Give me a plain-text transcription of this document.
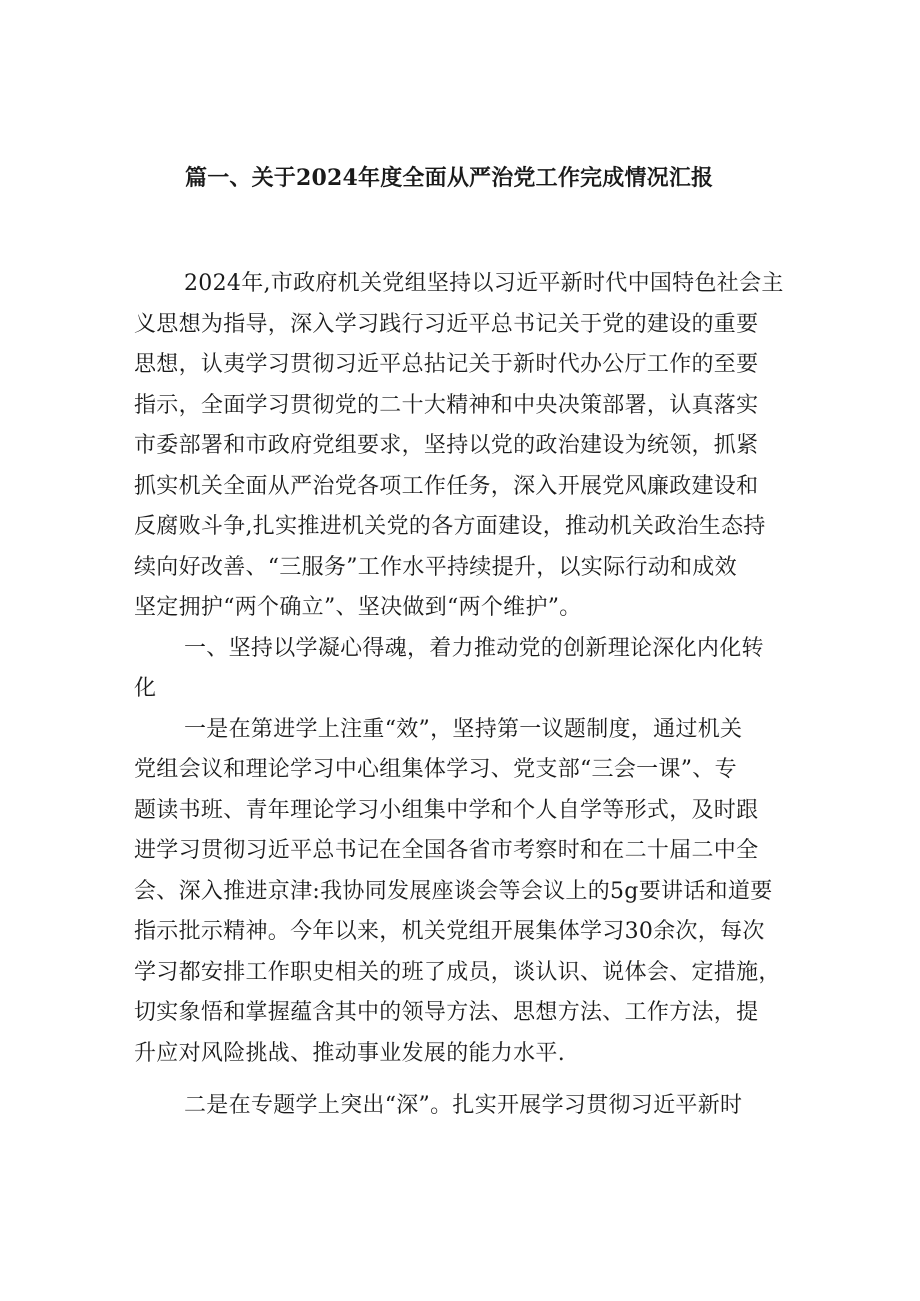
篇一、关于2024年度全面从严治党工作完成情况汇报
2024年,市政府机关党组坚持以习近平新时代中国特色社会主
义思想为指导，深入学习践行习近平总书记关于党的建设的重要
思想，认夷学习贯彻习近平总拈记关于新时代办公厅工作的至要
指示，全面学习贯彻党的二十大精神和中央决策部署，认真落实
市委部署和市政府党组要求，坚持以党的政治建设为统领，抓紧
抓实机关全面从严治党各项工作任务，深入开展党风廉政建设和
反腐败斗争,扎实推进机关党的各方面建设，推动机关政治生态持
续向好改善、“三服务”工作水平持续提升，以实际行动和成效
坚定拥护“两个确立”、坚决做到“两个维护”。
一、坚持以学凝心得魂，着力推动党的创新理论深化内化转
化
一是在第进学上注重“效”，坚持第一议题制度，通过机关
党组会议和理论学习中心组集体学习、党支部“三会一课”、专
题读书班、青年理论学习小组集中学和个人自学等形式，及时跟
进学习贯彻习近平总书记在全国各省市考察时和在二十届二中全
会、深入推进京津:我协同发展座谈会等会议上的5g要讲话和道要
指示批示精神。今年以来，机关党组开展集体学习30余次，每次
学习都安排工作职史相关的班了成员，谈认识、说体会、定措施，
切实象悟和掌握蕴含其中的领导方法、思想方法、工作方法，提
升应对风险挑战、推动事业发展的能力水平.
二是在专题学上突出“深”。扎实开展学习贯彻习近平新时
